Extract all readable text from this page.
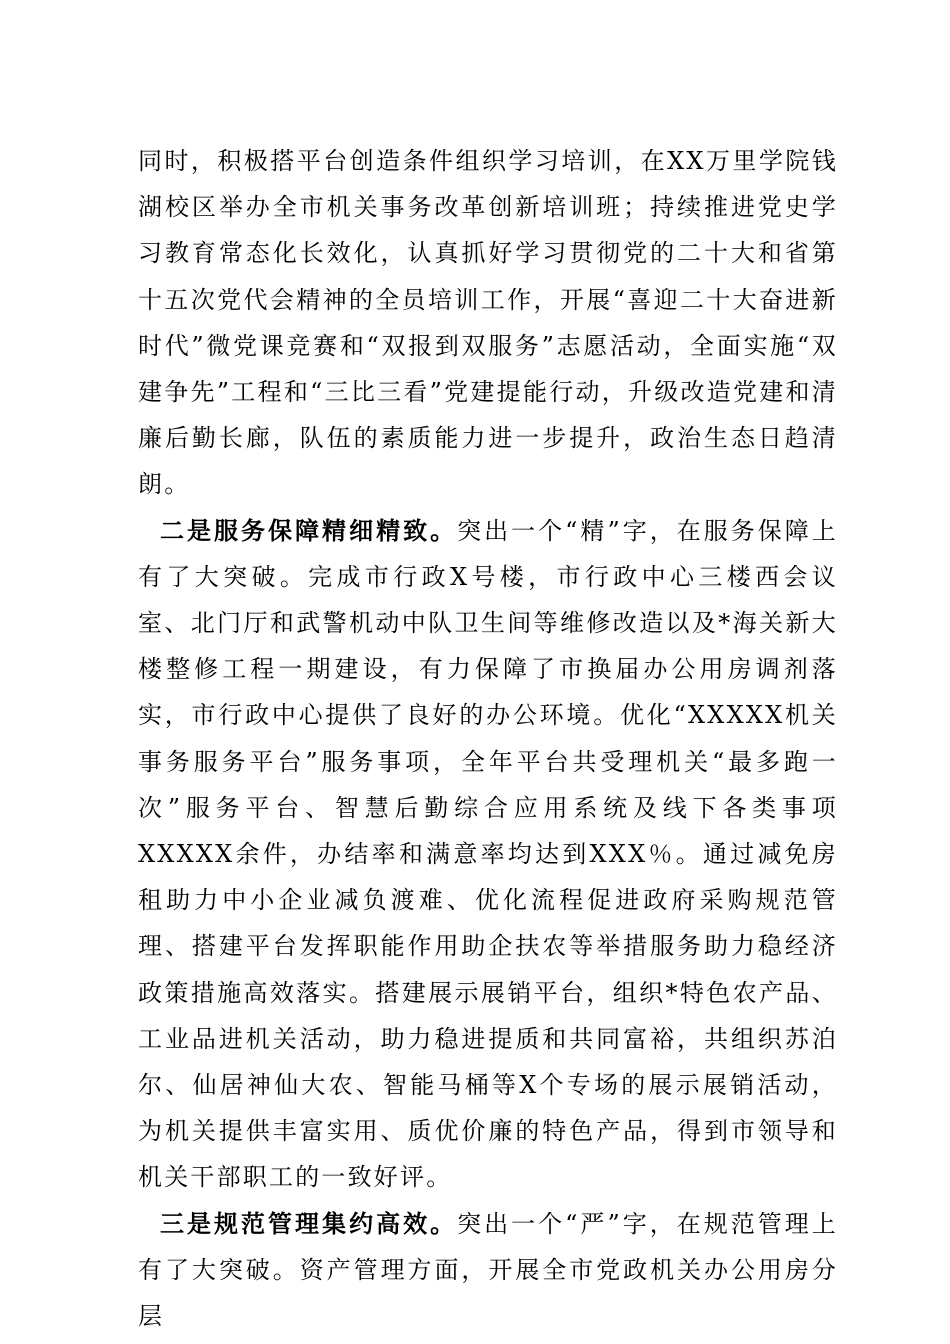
同时，积极搭平台创造条件组织学习培训，在XX万里学院钱湖校区举办全市机关事务改革创新培训班；持续推进党史学习教育常态化长效化，认真抓好学习贯彻党的二十大和省第十五次党代会精神的全员培训工作，开展“喜迎二十大奋进新时代”微党课竞赛和“双报到双服务”志愿活动，全面实施“双建争先”工程和“三比三看”党建提能行动，升级改造党建和清廉后勤长廊，队伍的素质能力进一步提升，政治生态日趋清朗。

二是服务保障精细精致。突出一个“精”字，在服务保障上有了大突破。完成市行政X号楼，市行政中心三楼西会议室、北门厅和武警机动中队卫生间等维修改造以及*海关新大楼整修工程一期建设，有力保障了市换届办公用房调剂落实，市行政中心提供了良好的办公环境。优化“XXXXX机关事务服务平台”服务事项，全年平台共受理机关“最多跑一次”服务平台、智慧后勤综合应用系统及线下各类事项XXXXX余件，办结率和满意率均达到XXX％。通过减免房租助力中小企业减负渡难、优化流程促进政府采购规范管理、搭建平台发挥职能作用助企扶农等举措服务助力稳经济政策措施高效落实。搭建展示展销平台，组织*特色农产品、工业品进机关活动，助力稳进提质和共同富裕，共组织苏泊尔、仙居神仙大农、智能马桶等X个专场的展示展销活动，为机关提供丰富实用、质优价廉的特色产品，得到市领导和机关干部职工的一致好评。

三是规范管理集约高效。突出一个“严”字，在规范管理上有了大突破。资产管理方面，开展全市党政机关办公用房分层
